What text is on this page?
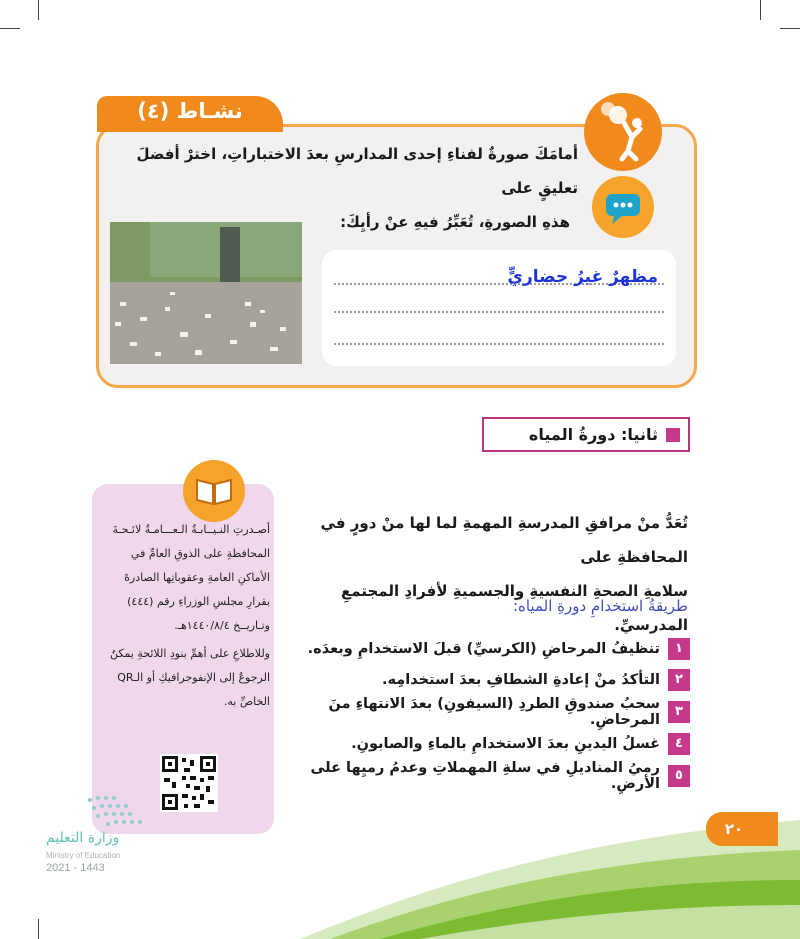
نشـاط (٤)
أمامَكَ صورةٌ لفناءِ إحدى المدارسِ بعدَ الاختباراتِ، اخترْ أفضلَ تعليقٍ على
هذهِ الصورةِ، تُعَبِّرُ فيهِ عنْ رأيِكَ:
مظهرٌ غيرُ حضاريٍّ
ثانيا: دورةُ المياه
تُعَدُّ منْ مرافقِ المدرسةِ المهمةِ لما لها منْ دورٍ في المحافظةِ على
سلامةِ الصحةِ النفسيةِ والجسميةِ لأفرادِ المجتمعِ المدرسيِّ.
طريقةُ استخدامِ دورةِ المياه:
١
تنظيفُ المرحاضِ (الكرسيِّ) قبلَ الاستخدامِ وبعدَه.
٢
التأكدُ منْ إعادةِ الشطافِ بعدَ استخدامِه.
٣
سحبُ صندوقِ الطردِ (السيفونِ) بعدَ الانتهاءِ منَ المرحاضِ.
٤
غسلُ اليدينِ بعدَ الاستخدامِ بالماءِ والصابونِ.
٥
رميُ المناديلِ في سلةِ المهملاتِ وعدمُ رميِها على الأرضِ.

أصـدرتِ النـيــابـةُ الـعـــامـةُ لائـحـةَ المحافظةِ على الذوقِ العامِّ في الأماكنِ العامةِ وعقوباتِها الصادرةَ بقرارِ مجلسِ الوزراءِ رقم (٤٤٤) وتـاريــخ ١٤٤٠/٨/٤هـ.

وللاطلاعِ على أهمِّ بنودِ اللائحةِ يمكنُ الرجوعُ إلى الإنفوجرافيكِ أو الـQR الخاصِّ به.

وزارة التعليم
Ministry of Education
2021 - 1443
٢٠
